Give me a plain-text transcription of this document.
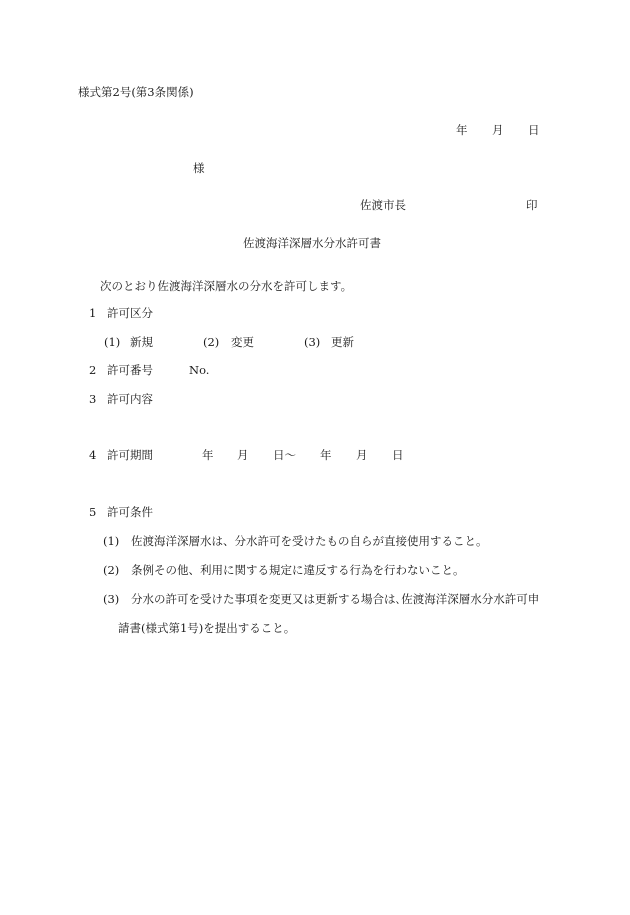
様式第2号(第3条関係)
年 月 日
様
佐渡市長	印
佐渡海洋深層水分水許可書
次のとおり佐渡海洋深層水の分水を許可します。
1 許可区分
(1) 新規	(2) 変更	(3) 更新
2 許可番号	No.
3 許可内容
4 許可期間	年 月 日～ 年 月 日
5 許可条件
(1) 佐渡海洋深層水は、分水許可を受けたもの自らが直接使用すること。
(2) 条例その他、利用に関する規定に違反する行為を行わないこと。
(3) 分水の許可を受けた事項を変更又は更新する場合は､佐渡海洋深層水分水許可申
請書(様式第1号)を提出すること。
